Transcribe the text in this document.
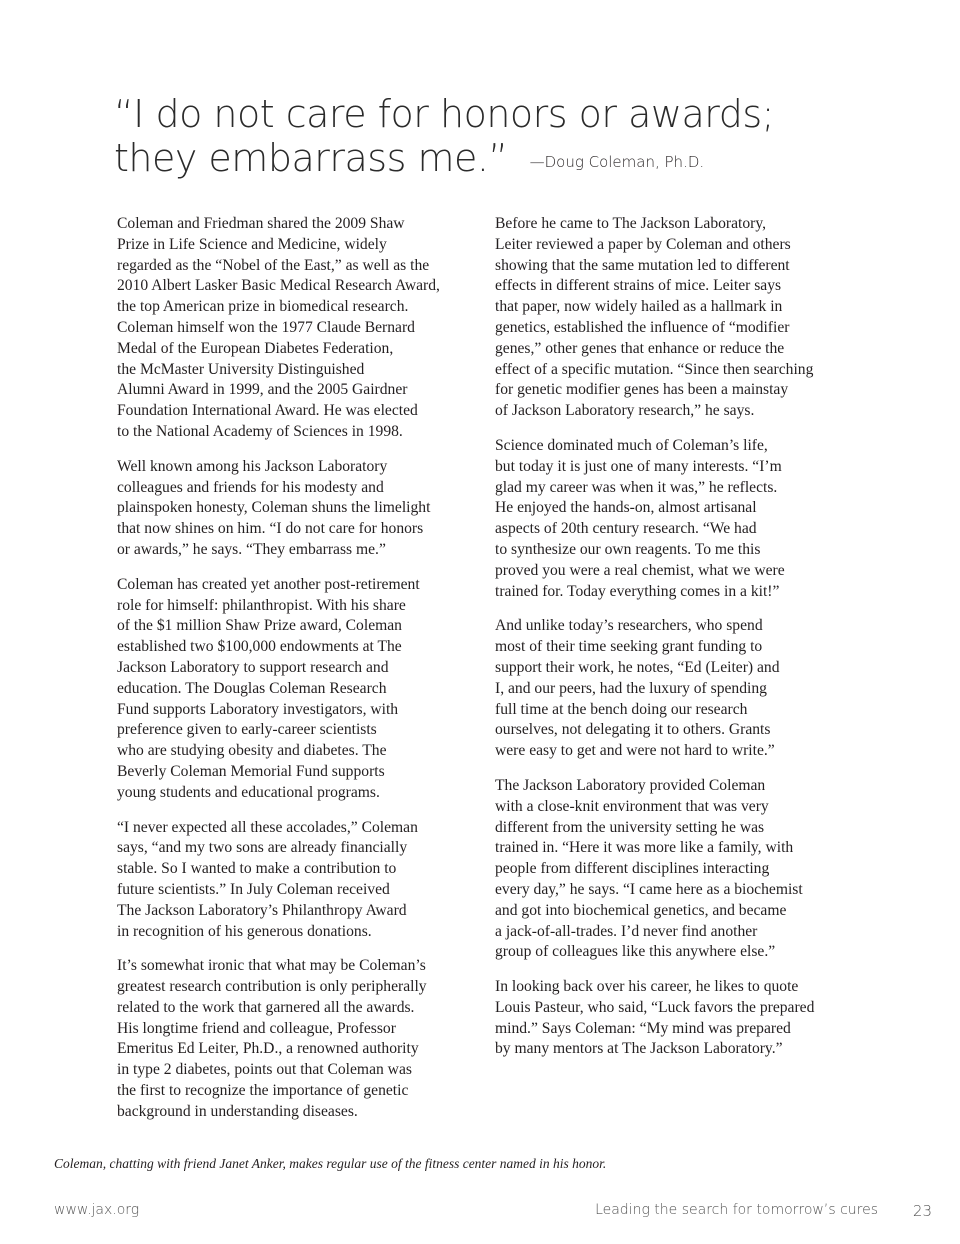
“I do not care for honors or awards;
they embarrass me.” —Doug Coleman, Ph.D.

Coleman and Friedman shared the 2009 Shaw
Prize in Life Science and Medicine, widely
regarded as the “Nobel of the East,” as well as the
2010 Albert Lasker Basic Medical Research Award,
the top American prize in biomedical research.
Coleman himself won the 1977 Claude Bernard
Medal of the European Diabetes Federation,
the McMaster University Distinguished
Alumni Award in 1999, and the 2005 Gairdner
Foundation International Award. He was elected
to the National Academy of Sciences in 1998.

Well known among his Jackson Laboratory
colleagues and friends for his modesty and
plainspoken honesty, Coleman shuns the limelight
that now shines on him. “I do not care for honors
or awards,” he says. “They embarrass me.”

Coleman has created yet another post-retirement
role for himself: philanthropist. With his share
of the $1 million Shaw Prize award, Coleman
established two $100,000 endowments at The
Jackson Laboratory to support research and
education. The Douglas Coleman Research
Fund supports Laboratory investigators, with
preference given to early-career scientists
who are studying obesity and diabetes. The
Beverly Coleman Memorial Fund supports
young students and educational programs.

“I never expected all these accolades,” Coleman
says, “and my two sons are already financially
stable. So I wanted to make a contribution to
future scientists.” In July Coleman received
The Jackson Laboratory’s Philanthropy Award
in recognition of his generous donations.

It’s somewhat ironic that what may be Coleman’s
greatest research contribution is only peripherally
related to the work that garnered all the awards.
His longtime friend and colleague, Professor
Emeritus Ed Leiter, Ph.D., a renowned authority
in type 2 diabetes, points out that Coleman was
the first to recognize the importance of genetic
background in understanding diseases.

Before he came to The Jackson Laboratory,
Leiter reviewed a paper by Coleman and others
showing that the same mutation led to different
effects in different strains of mice. Leiter says
that paper, now widely hailed as a hallmark in
genetics, established the influence of “modifier
genes,” other genes that enhance or reduce the
effect of a specific mutation. “Since then searching
for genetic modifier genes has been a mainstay
of Jackson Laboratory research,” he says.

Science dominated much of Coleman’s life,
but today it is just one of many interests. “I’m
glad my career was when it was,” he reflects.
He enjoyed the hands-on, almost artisanal
aspects of 20th century research. “We had
to synthesize our own reagents. To me this
proved you were a real chemist, what we were
trained for. Today everything comes in a kit!”

And unlike today’s researchers, who spend
most of their time seeking grant funding to
support their work, he notes, “Ed (Leiter) and
I, and our peers, had the luxury of spending
full time at the bench doing our research
ourselves, not delegating it to others. Grants
were easy to get and were not hard to write.”

The Jackson Laboratory provided Coleman
with a close-knit environment that was very
different from the university setting he was
trained in. “Here it was more like a family, with
people from different disciplines interacting
every day,” he says. “I came here as a biochemist
and got into biochemical genetics, and became
a jack-of-all-trades. I’d never find another
group of colleagues like this anywhere else.”

In looking back over his career, he likes to quote
Louis Pasteur, who said, “Luck favors the prepared
mind.” Says Coleman: “My mind was prepared
by many mentors at The Jackson Laboratory.”

Coleman, chatting with friend Janet Anker, makes regular use of the fitness center named in his honor.
www.jax.org	Leading the search for tomorrow’s cures 23
